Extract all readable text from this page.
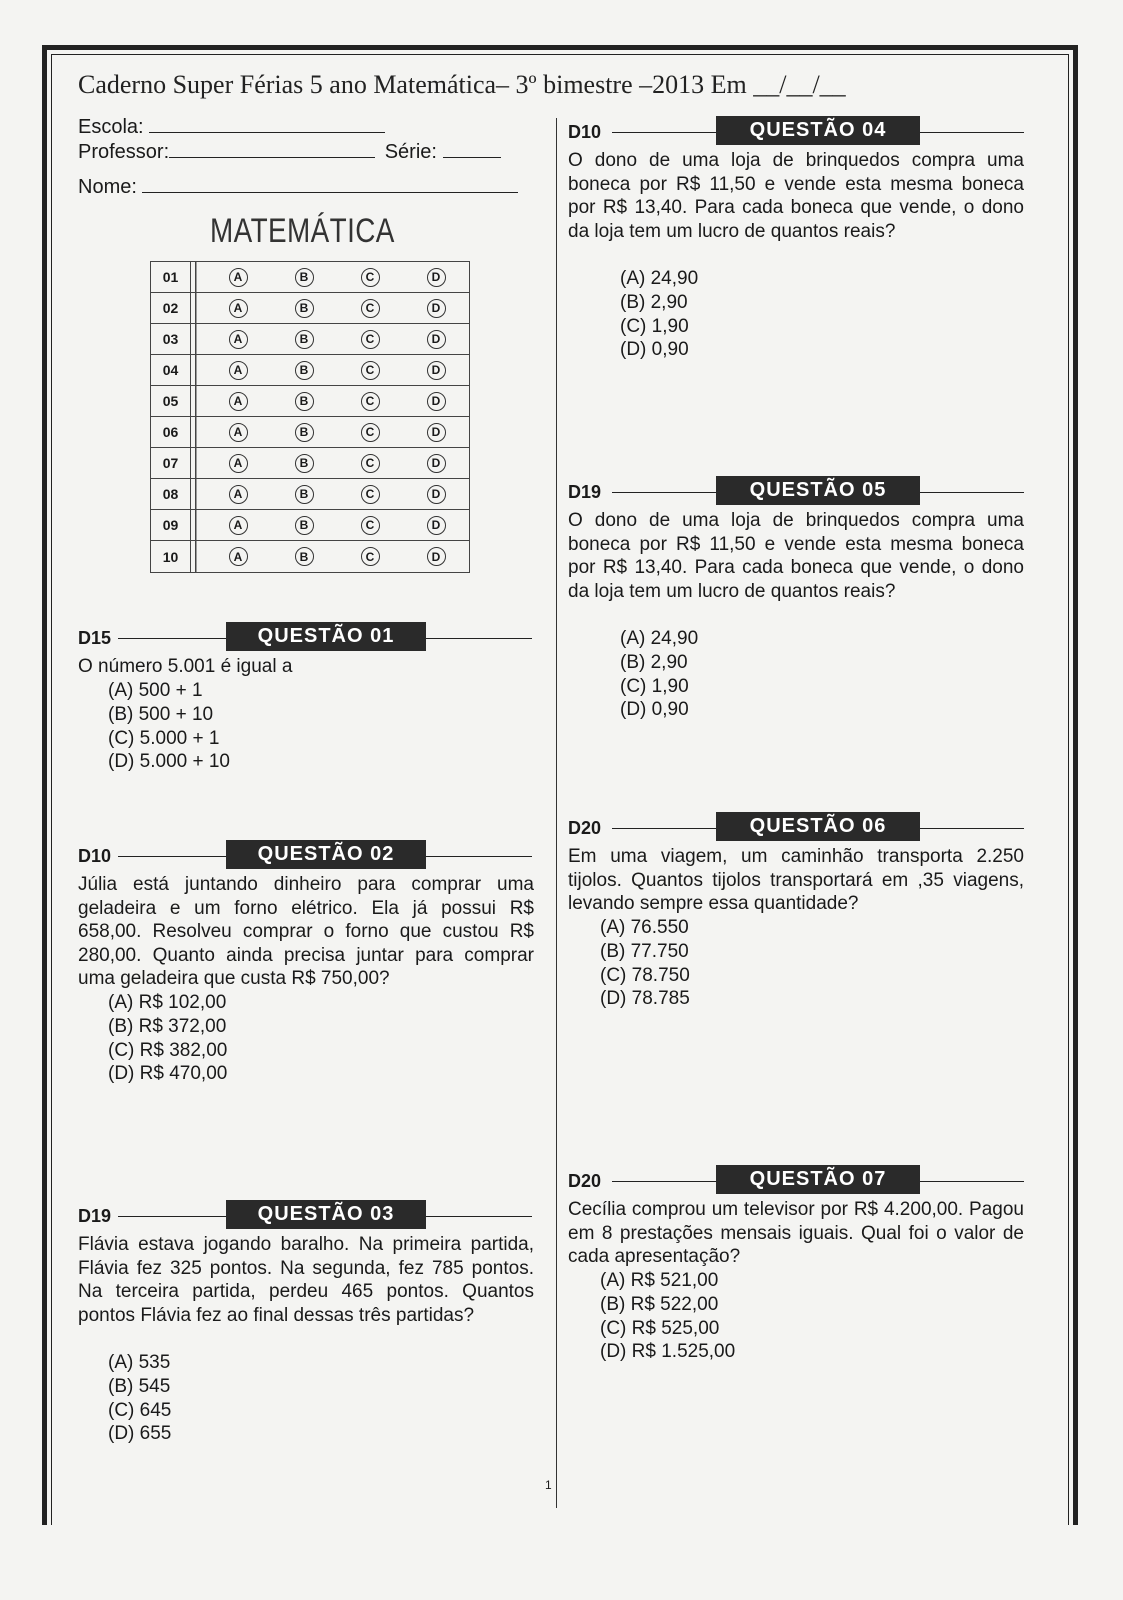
Caderno Super Férias 5 ano Matemática– 3º bimestre –2013 Em __/__/__
Escola:
Professor:	Série:
Nome:
MATEMÁTICA
01	A	B	C	D
02	A	B	C	D
03	A	B	C	D
04	A	B	C	D
05	A	B	C	D
06	A	B	C	D
07	A	B	C	D
08	A	B	C	D
09	A	B	C	D
10	A	B	C	D
D15	QUESTÃO 01
O número 5.001 é igual a
(A) 500 + 1
(B) 500 + 10
(C) 5.000 + 1
(D) 5.000 + 10
D10	QUESTÃO 02
Júlia está juntando dinheiro para comprar uma geladeira e um forno elétrico. Ela já possui R$ 658,00. Resolveu comprar o forno que custou R$ 280,00. Quanto ainda precisa juntar para comprar uma geladeira que custa R$ 750,00?
(A) R$ 102,00
(B) R$ 372,00
(C) R$ 382,00
(D) R$ 470,00
D19	QUESTÃO 03
Flávia estava jogando baralho. Na primeira partida, Flávia fez 325 pontos. Na segunda, fez 785 pontos. Na terceira partida, perdeu 465 pontos. Quantos pontos Flávia fez ao final dessas três partidas?
(A) 535
(B) 545
(C) 645
(D) 655
D10	QUESTÃO 04
O dono de uma loja de brinquedos compra uma boneca por R$ 11,50 e vende esta mesma boneca por R$ 13,40. Para cada boneca que vende, o dono da loja tem um lucro de quantos reais?
(A) 24,90
(B) 2,90
(C) 1,90
(D) 0,90
D19	QUESTÃO 05
O dono de uma loja de brinquedos compra uma boneca por R$ 11,50 e vende esta mesma boneca por R$ 13,40. Para cada boneca que vende, o dono da loja tem um lucro de quantos reais?
(A) 24,90
(B) 2,90
(C) 1,90
(D) 0,90
D20	QUESTÃO 06
Em uma viagem, um caminhão transporta 2.250 tijolos. Quantos tijolos transportará em ,35 viagens, levando sempre essa quantidade?
(A) 76.550
(B) 77.750
(C) 78.750
(D) 78.785
D20	QUESTÃO 07
Cecília comprou um televisor por R$ 4.200,00. Pagou em 8 prestações mensais iguais. Qual foi o valor de cada apresentação?
(A) R$ 521,00
(B) R$ 522,00
(C) R$ 525,00
(D) R$ 1.525,00
1
